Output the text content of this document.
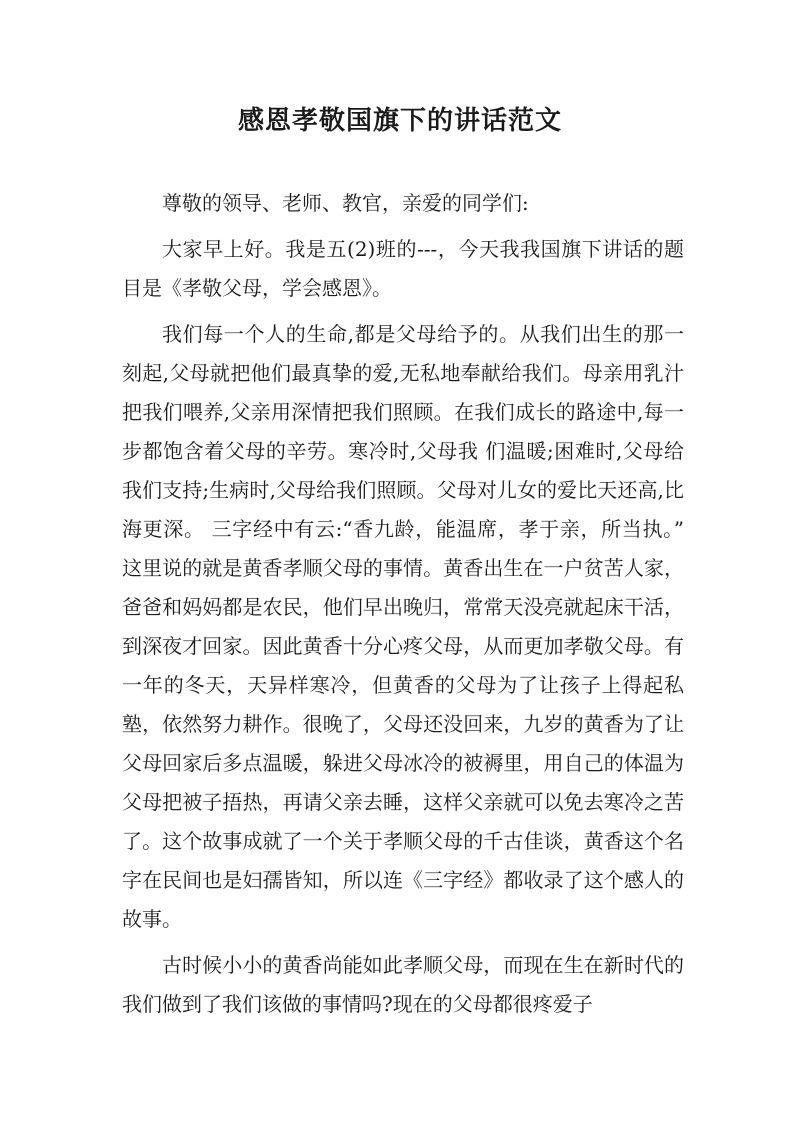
感恩孝敬国旗下的讲话范文

尊敬的领导、老师、教官，亲爱的同学们:

大家早上好。我是五(2)班的---，今天我我国旗下讲话的题目是《孝敬父母，学会感恩》。

我们每一个人的生命,都是父母给予的。从我们出生的那一刻起,父母就把他们最真挚的爱,无私地奉献给我们。母亲用乳汁把我们喂养,父亲用深情把我们照顾。在我们成长的路途中,每一步都饱含着父母的辛劳。寒冷时,父母我 们温暖;困难时,父母给我们支持;生病时,父母给我们照顾。父母对儿女的爱比天还高,比海更深。 三字经中有云:“香九龄，能温席，孝于亲，所当执。” 这里说的就是黄香孝顺父母的事情。黄香出生在一户贫苦人家，爸爸和妈妈都是农民，他们早出晚归，常常天没亮就起床干活，到深夜才回家。因此黄香十分心疼父母，从而更加孝敬父母。有一年的冬天，天异样寒冷，但黄香的父母为了让孩子上得起私塾，依然努力耕作。很晚了，父母还没回来，九岁的黄香为了让父母回家后多点温暖，躲进父母冰冷的被褥里，用自己的体温为父母把被子捂热，再请父亲去睡，这样父亲就可以免去寒冷之苦了。这个故事成就了一个关于孝顺父母的千古佳谈，黄香这个名字在民间也是妇孺皆知，所以连《三字经》都收录了这个感人的故事。

古时候小小的黄香尚能如此孝顺父母，而现在生在新时代的我们做到了我们该做的事情吗?现在的父母都很疼爱子
